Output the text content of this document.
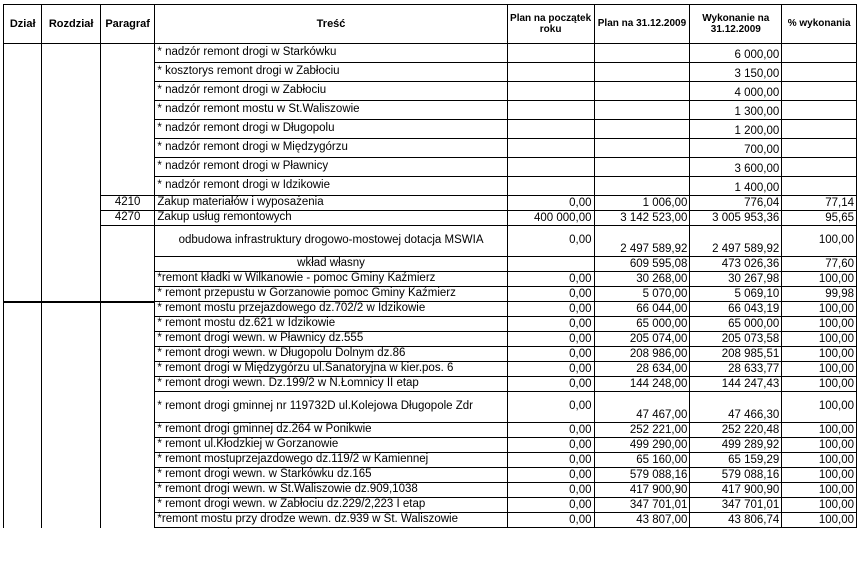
Dział	Rozdział	Paragraf	Treść	Plan na początek roku	Plan na 31.12.2009	Wykonanie na 31.12.2009	% wykonania
			* nadzór remont drogi w Starkówku			6 000,00	
			* kosztorys remont drogi w Zabłociu			3 150,00	
			* nadzór remont drogi w Zabłociu			4 000,00	
			* nadzór remont mostu w St.Waliszowie			1 300,00	
			* nadzór remont drogi w Długopolu			1 200,00	
			* nadzór remont drogi w Międzygórzu			700,00	
			* nadzór remont drogi w Pławnicy			3 600,00	
			* nadzór remont drogi w Idzikowie			1 400,00	
		4210	Zakup materiałów i wyposażenia	0,00	1 006,00	776,04	77,14
		4270	Zakup usług remontowych	400 000,00	3 142 523,00	3 005 953,36	95,65
			odbudowa infrastruktury drogowo-mostowej dotacja MSWIA	0,00	2 497 589,92	2 497 589,92	100,00
			wkład własny		609 595,08	473 026,36	77,60
			*remont kładki w Wilkanowie - pomoc Gminy Kaźmierz	0,00	30 268,00	30 267,98	100,00
			* remont przepustu w Gorzanowie pomoc Gminy Kaźmierz	0,00	5 070,00	5 069,10	99,98
			* remont mostu przejazdowego dz.702/2 w Idzikowie	0,00	66 044,00	66 043,19	100,00
			* remont mostu dz.621 w Idzikowie	0,00	65 000,00	65 000,00	100,00
			* remont drogi wewn. w Pławnicy dz.555	0,00	205 074,00	205 073,58	100,00
			* remont drogi wewn. w Długopolu Dolnym dz.86	0,00	208 986,00	208 985,51	100,00
			* remont drogi w Międzygórzu ul.Sanatoryjna w kier.pos. 6	0,00	28 634,00	28 633,77	100,00
			* remont drogi wewn. Dz.199/2 w N.Łomnicy II etap	0,00	144 248,00	144 247,43	100,00
			* remont drogi gminnej nr 119732D ul.Kolejowa Długopole Zdr	0,00	47 467,00	47 466,30	100,00
			* remont drogi gminnej dz.264 w Ponikwie	0,00	252 221,00	252 220,48	100,00
			* remont ul.Kłodzkiej w Gorzanowie	0,00	499 290,00	499 289,92	100,00
			* remont mostuprzejazdowego dz.119/2 w Kamiennej	0,00	65 160,00	65 159,29	100,00
			* remont drogi wewn. w Starkówku dz.165	0,00	579 088,16	579 088,16	100,00
			* remont drogi wewn. w St.Waliszowie dz.909,1038	0,00	417 900,90	417 900,90	100,00
			* remont drogi wewn. w Zabłociu dz.229/2,223 I etap	0,00	347 701,01	347 701,01	100,00
			*remont mostu przy drodze wewn. dz.939 w St. Waliszowie	0,00	43 807,00	43 806,74	100,00
